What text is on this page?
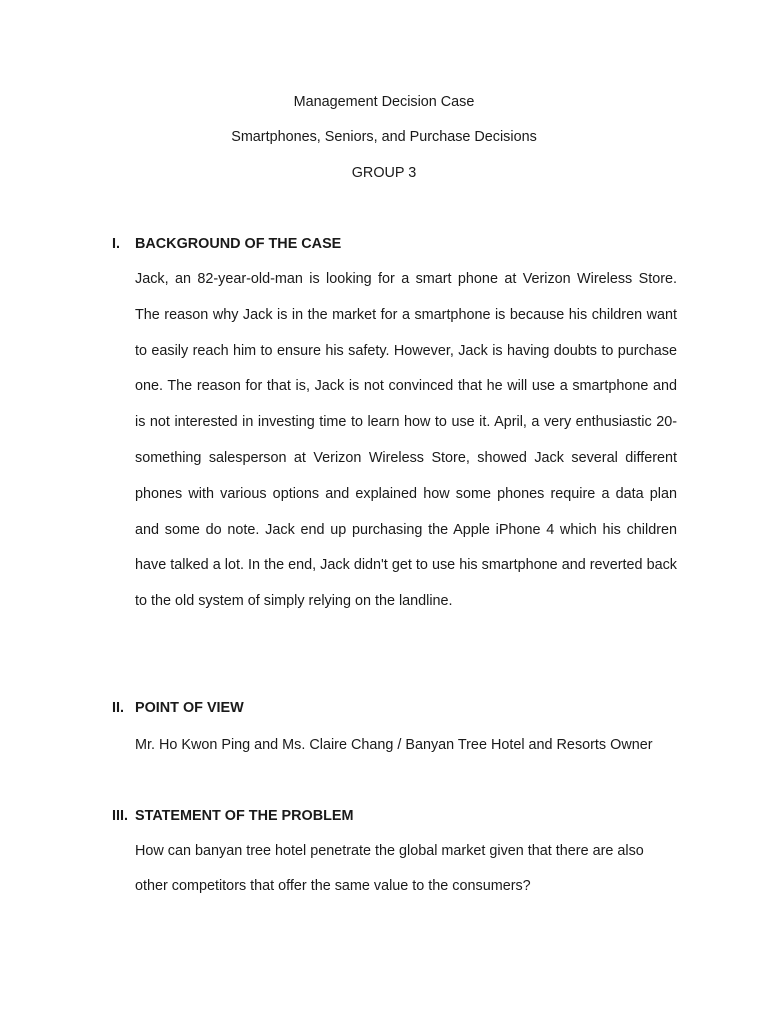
Management Decision Case
Smartphones, Seniors, and Purchase Decisions
GROUP 3
I. BACKGROUND OF THE CASE

Jack, an 82-year-old-man is looking for a smart phone at Verizon Wireless Store. The reason why Jack is in the market for a smartphone is because his children want to easily reach him to ensure his safety. However, Jack is having doubts to purchase one. The reason for that is, Jack is not convinced that he will use a smartphone and is not interested in investing time to learn how to use it. April, a very enthusiastic 20-something salesperson at Verizon Wireless Store, showed Jack several different phones with various options and explained how some phones require a data plan and some do note. Jack end up purchasing the Apple iPhone 4 which his children have talked a lot. In the end, Jack didn't get to use his smartphone and reverted back to the old system of simply relying on the landline.

II. POINT OF VIEW

Mr. Ho Kwon Ping and Ms. Claire Chang / Banyan Tree Hotel and Resorts Owner

III. STATEMENT OF THE PROBLEM

How can banyan tree hotel penetrate the global market given that there are also other competitors that offer the same value to the consumers?
